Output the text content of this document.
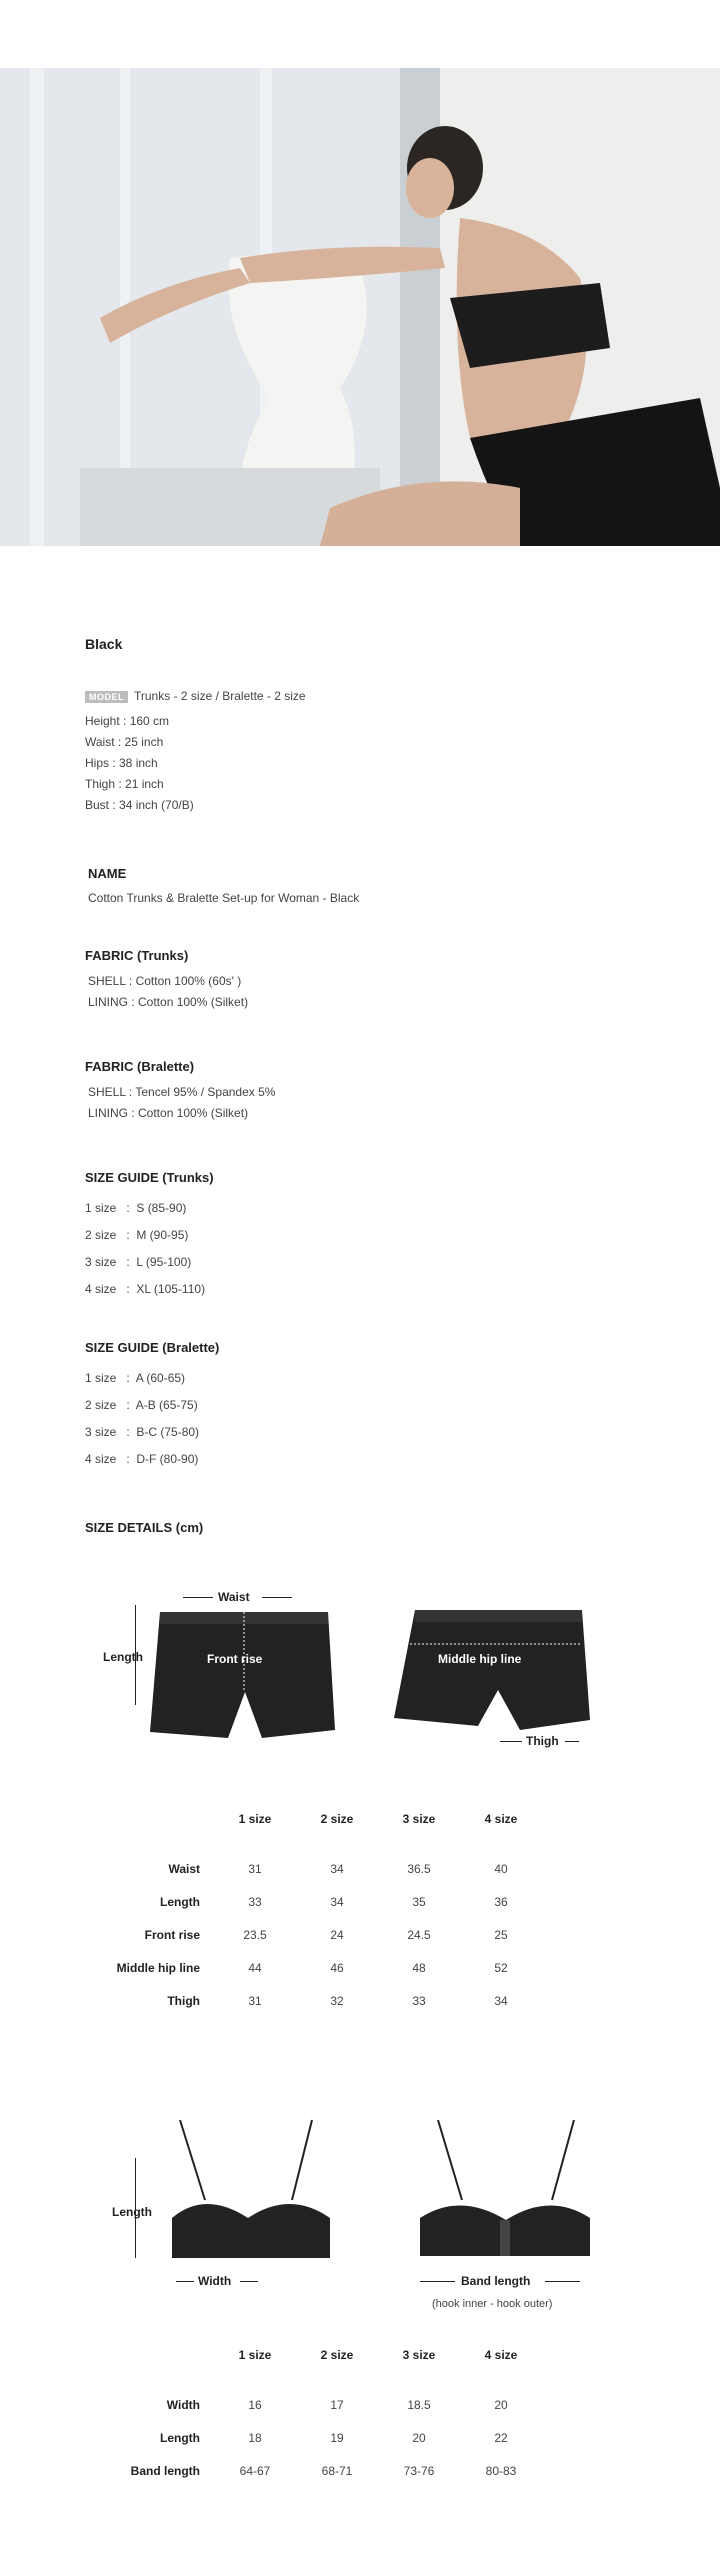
Black
MODEL Trunks - 2 size / Bralette - 2 size
Height : 160 cm
Waist : 25 inch
Hips : 38 inch
Thigh : 21 inch
Bust : 34 inch (70/B)
NAME
Cotton Trunks & Bralette Set-up for Woman - Black
FABRIC (Trunks)
SHELL : Cotton 100% (60s' )
LINING : Cotton 100% (Silket)
FABRIC (Bralette)
SHELL : Tencel 95% / Spandex 5%
LINING : Cotton 100% (Silket)
SIZE GUIDE (Trunks)
1 size   :  S (85-90)
2 size   :  M (90-95)
3 size   :  L (95-100)
4 size   :  XL (105-110)
SIZE GUIDE (Bralette)
1 size   :  A (60-65)
2 size   :  A-B (65-75)
3 size   :  B-C (75-80)
4 size   :  D-F (80-90)
SIZE DETAILS (cm)
Waist
Length	Front rise	Middle hip line
Thigh
1 size	2 size	3 size	4 size
Waist	31	34	36.5	40
Length	33	34	35	36
Front rise	23.5	24	24.5	25
Middle hip line	44	46	48	52
Thigh	31	32	33	34
Length
Width	Band length
(hook inner - hook outer)
1 size	2 size	3 size	4 size
Width	16	17	18.5	20
Length	18	19	20	22
Band length	64-67	68-71	73-76	80-83
